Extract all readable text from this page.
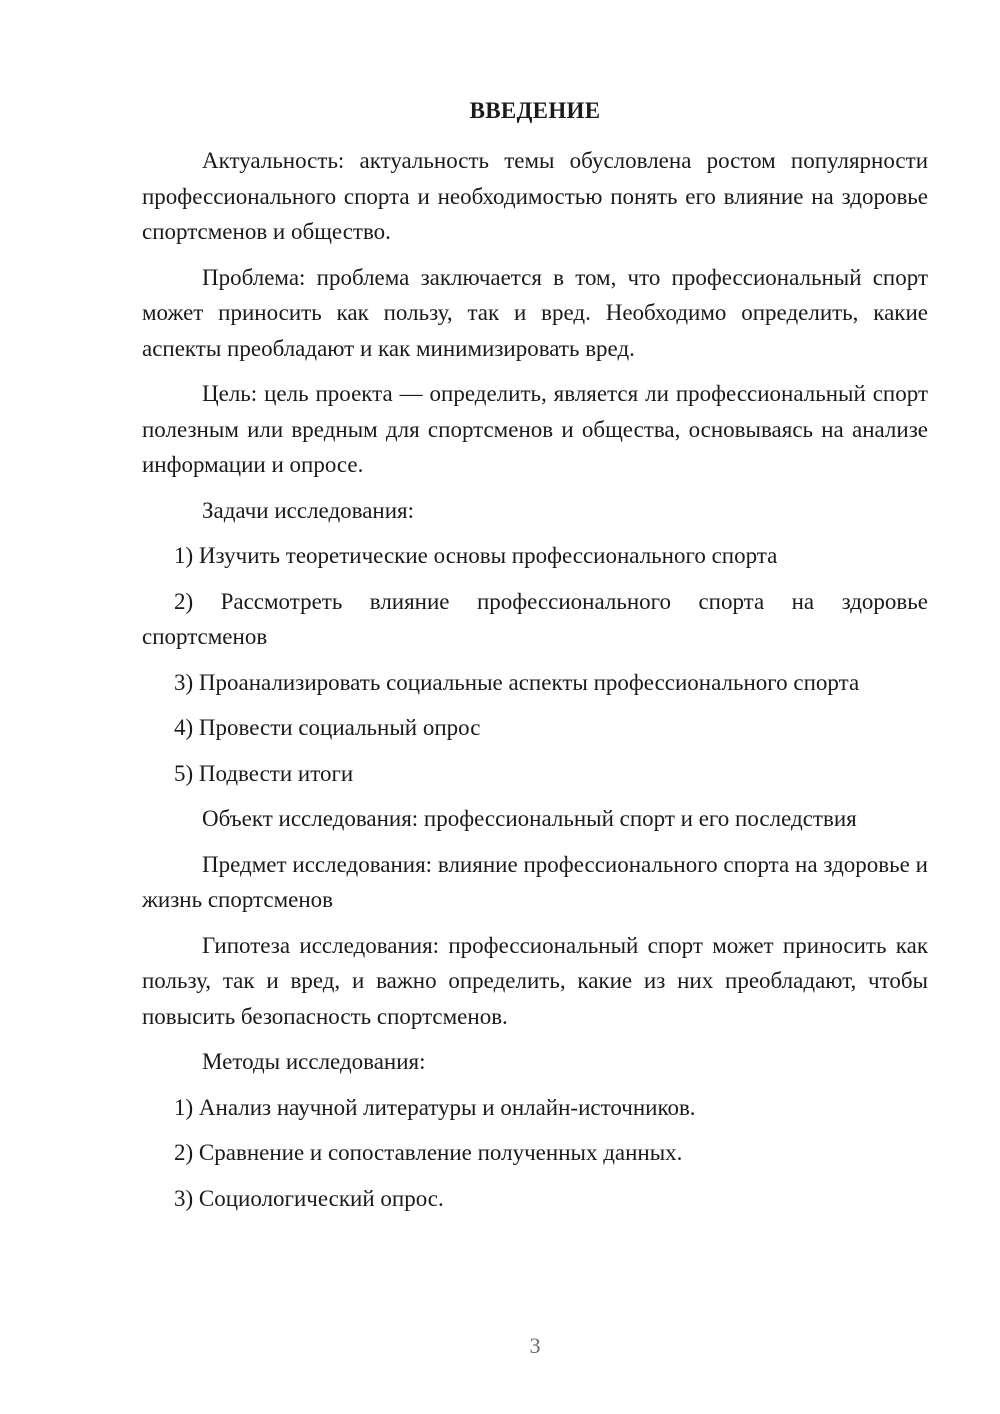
ВВЕДЕНИЕ

Актуальность: актуальность темы обусловлена ростом популярности профессионального спорта и необходимостью понять его влияние на здоровье спортсменов и общество.

Проблема: проблема заключается в том, что профессиональный спорт может приносить как пользу, так и вред. Необходимо определить, какие аспекты преобладают и как минимизировать вред.

Цель: цель проекта — определить, является ли профессиональный спорт полезным или вредным для спортсменов и общества, основываясь на анализе информации и опросе.

Задачи исследования:

1) Изучить теоретические основы профессионального спорта

2) Рассмотреть влияние профессионального спорта на здоровье спортсменов

3) Проанализировать социальные аспекты профессионального спорта

4) Провести социальный опрос

5) Подвести итоги

Объект исследования: профессиональный спорт и его последствия

Предмет исследования: влияние профессионального спорта на здоровье и жизнь спортсменов

Гипотеза исследования: профессиональный спорт может приносить как пользу, так и вред, и важно определить, какие из них преобладают, чтобы повысить безопасность спортсменов.

Методы исследования:

1) Анализ научной литературы и онлайн-источников.

2) Сравнение и сопоставление полученных данных.

3) Социологический опрос.

3
